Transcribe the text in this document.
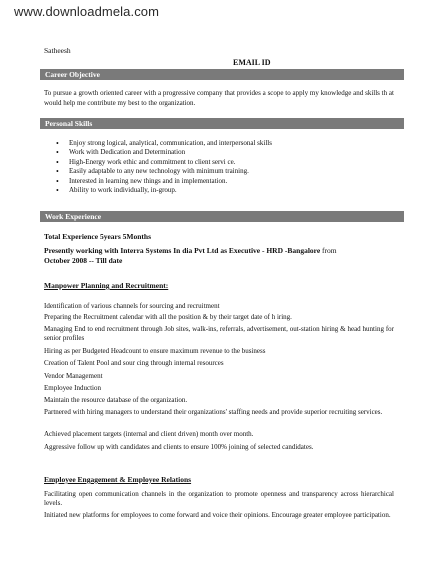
www.downloadmela.com
Satheesh
EMAIL ID
Career Objective
To pursue a growth oriented career with a progressive company that provides a scope to apply my knowledge and skills th at would help me contribute my best to the organization.
Personal Skills
• Enjoy strong logical, analytical, communication, and interpersonal skills
• Work with Dedication and Determination
• High-Energy work ethic and commitment to client servi ce.
• Easily adaptable to any new technology with minimum training.
• Interested in learning new things and in implementation.
• Ability to work individually, in-group.
Work Experience
Total Experience 5years 5Months
Presently working with Interra Systems In dia Pvt Ltd as Executive - HRD -Bangalore from
October 2008 -- Till date
Manpower Planning and Recruitment:
Identification of various channels for sourcing and recruitment
Preparing the Recruitment calendar with all the position & by their target date of h iring.
Managing End to end recruitment through Job sites, walk-ins, referrals, advertisement, out-station hiring & head hunting for senior profiles
Hiring as per Budgeted Headcount to ensure maximum revenue to the business
Creation of Talent Pool and sour cing through internal resources
Vendor Management
Employee Induction
Maintain the resource database of the organization.
Partnered with hiring managers to understand their organizations' staffing needs and provide superior recruiting services.
Achieved placement targets (internal and client driven) month over month.
Aggressive follow up with candidates and clients to ensure 100% joining of selected candidates.
Employee Engagement & Employee Relations
Facilitating open communication channels in the organization to promote openness and transparency across hierarchical levels.
Initiated new platforms for employees to come forward and voice their opinions. Encourage greater employee participation.
